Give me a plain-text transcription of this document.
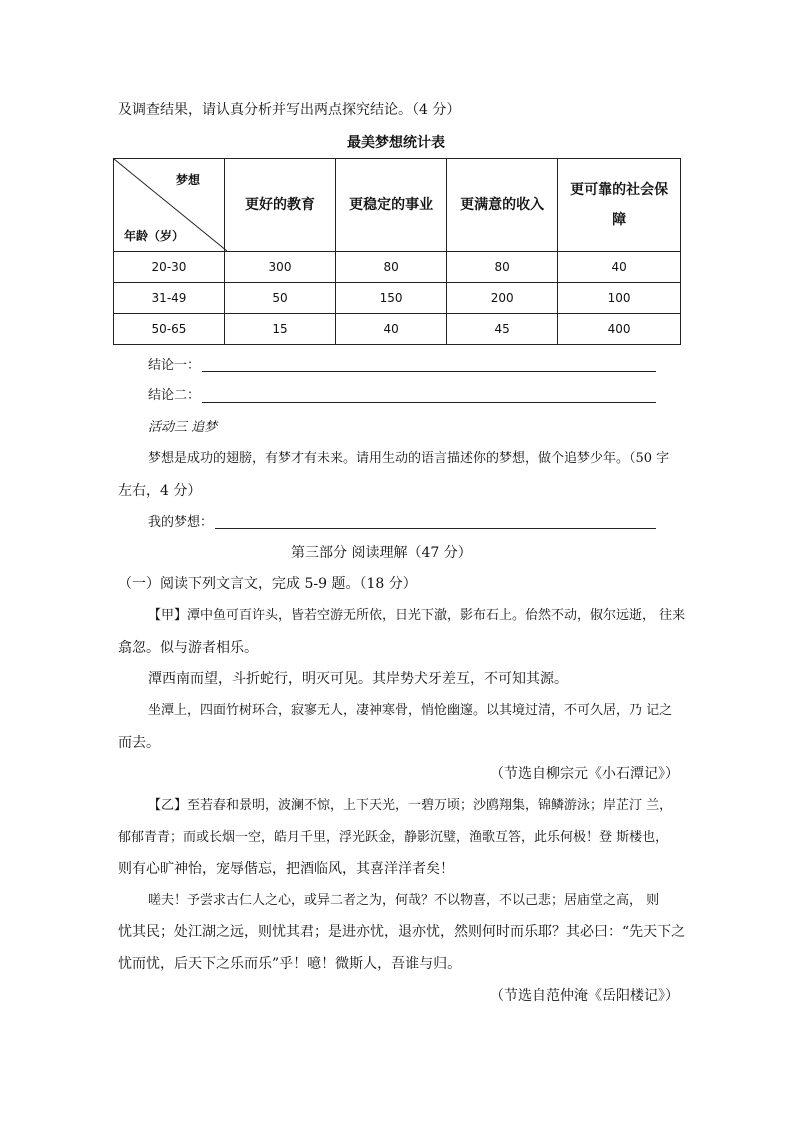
及调查结果，请认真分析并写出两点探究结论。（4 分）
最美梦想统计表
梦想
年龄（岁）	更好的教育	更稳定的事业	更满意的收入	更可靠的社会保障
20-30	300	80	80	40
31-49	50	150	200	100
50-65	15	40	45	400
结论一：
结论二：
活动三 追梦
梦想是成功的翅膀，有梦才有未来。请用生动的语言描述你的梦想，做个追梦少年。（50 字
左右，4 分）
我的梦想：
第三部分 阅读理解（47 分）
（一）阅读下列文言文，完成 5-9 题。（18 分）
【甲】潭中鱼可百许头，皆若空游无所依，日光下澈，影布石上。佁然不动，俶尔远逝， 往来
翕忽。似与游者相乐。
潭西南而望，斗折蛇行，明灭可见。其岸势犬牙差互，不可知其源。
坐潭上，四面竹树环合，寂寥无人，凄神寒骨，悄怆幽邃。以其境过清，不可久居，乃 记之
而去。
（节选自柳宗元《小石潭记》）
【乙】至若春和景明，波澜不惊，上下天光，一碧万顷；沙鸥翔集，锦鳞游泳；岸芷汀 兰，
郁郁青青；而或长烟一空，皓月千里，浮光跃金，静影沉璧，渔歌互答，此乐何极！登 斯楼也，
则有心旷神怡，宠辱偕忘，把酒临风，其喜洋洋者矣！
嗟夫！予尝求古仁人之心，或异二者之为，何哉？不以物喜，不以己悲；居庙堂之高， 则
忧其民；处江湖之远，则忧其君；是进亦忧，退亦忧，然则何时而乐耶？其必曰：“先天下之
忧而忧，后天下之乐而乐”乎！噫！微斯人，吾谁与归。
（节选自范仲淹《岳阳楼记》）
